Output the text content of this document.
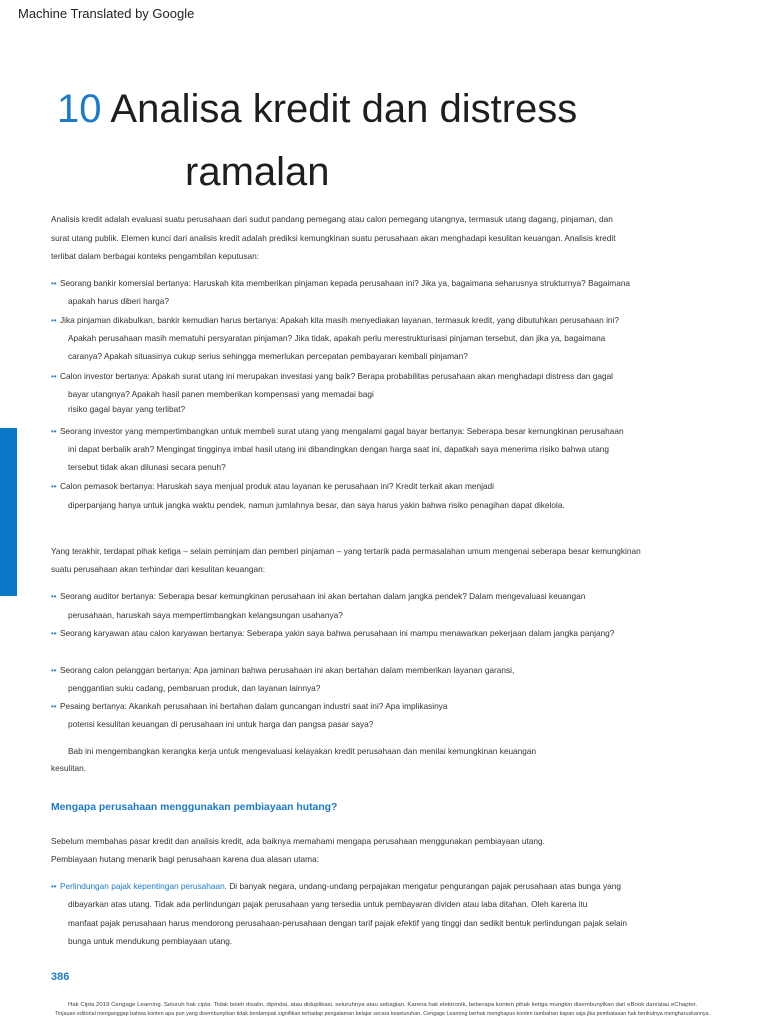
Machine Translated by Google
10 Analisa kredit dan distress
ramalan
Analisis kredit adalah evaluasi suatu perusahaan dari sudut pandang pemegang atau calon pemegang utangnya, termasuk utang dagang, pinjaman, dan
surat utang publik. Elemen kunci dari analisis kredit adalah prediksi kemungkinan suatu perusahaan akan menghadapi kesulitan keuangan. Analisis kredit
terlibat dalam berbagai konteks pengambilan keputusan:
•• Seorang bankir komersial bertanya: Haruskah kita memberikan pinjaman kepada perusahaan ini? Jika ya, bagaimana seharusnya strukturnya? Bagaimana
apakah harus diberi harga?
•• Jika pinjaman dikabulkan, bankir kemudian harus bertanya: Apakah kita masih menyediakan layanan, termasuk kredit, yang dibutuhkan perusahaan ini?
Apakah perusahaan masih mematuhi persyaratan pinjaman? Jika tidak, apakah perlu merestrukturisasi pinjaman tersebut, dan jika ya, bagaimana
caranya? Apakah situasinya cukup serius sehingga memerlukan percepatan pembayaran kembali pinjaman?
•• Calon investor bertanya: Apakah surat utang ini merupakan investasi yang baik? Berapa probabilitas perusahaan akan menghadapi distress dan gagal
bayar utangnya? Apakah hasil panen memberikan kompensasi yang memadai bagi
risiko gagal bayar yang terlibat?
•• Seorang investor yang mempertimbangkan untuk membeli surat utang yang mengalami gagal bayar bertanya: Seberapa besar kemungkinan perusahaan
ini dapat berbalik arah? Mengingat tingginya imbal hasil utang ini dibandingkan dengan harga saat ini, dapatkah saya menerima risiko bahwa utang
tersebut tidak akan dilunasi secara penuh?
•• Calon pemasok bertanya: Haruskah saya menjual produk atau layanan ke perusahaan ini? Kredit terkait akan menjadi
diperpanjang hanya untuk jangka waktu pendek, namun jumlahnya besar, dan saya harus yakin bahwa risiko penagihan dapat dikelola.
Yang terakhir, terdapat pihak ketiga – selain peminjam dan pemberi pinjaman – yang tertarik pada permasalahan umum mengenai seberapa besar kemungkinan
suatu perusahaan akan terhindar dari kesulitan keuangan:
•• Seorang auditor bertanya: Seberapa besar kemungkinan perusahaan ini akan bertahan dalam jangka pendek? Dalam mengevaluasi keuangan
perusahaan, haruskah saya mempertimbangkan kelangsungan usahanya?
•• Seorang karyawan atau calon karyawan bertanya: Seberapa yakin saya bahwa perusahaan ini mampu menawarkan pekerjaan dalam jangka panjang?
•• Seorang calon pelanggan bertanya: Apa jaminan bahwa perusahaan ini akan bertahan dalam memberikan layanan garansi,
penggantian suku cadang, pembaruan produk, dan layanan lainnya?
•• Pesaing bertanya: Akankah perusahaan ini bertahan dalam guncangan industri saat ini? Apa implikasinya
potensi kesulitan keuangan di perusahaan ini untuk harga dan pangsa pasar saya?
Bab ini mengembangkan kerangka kerja untuk mengevaluasi kelayakan kredit perusahaan dan menilai kemungkinan keuangan
kesulitan.
Mengapa perusahaan menggunakan pembiayaan hutang?
Sebelum membahas pasar kredit dan analisis kredit, ada baiknya memahami mengapa perusahaan menggunakan pembiayaan utang.
Pembiayaan hutang menarik bagi perusahaan karena dua alasan utama:
•• Perlindungan pajak kepentingan perusahaan. Di banyak negara, undang-undang perpajakan mengatur pengurangan pajak perusahaan atas bunga yang
dibayarkan atas utang. Tidak ada perlindungan pajak perusahaan yang tersedia untuk pembayaran dividen atau laba ditahan. Oleh karena itu
manfaat pajak perusahaan harus mendorong perusahaan-perusahaan dengan tarif pajak efektif yang tinggi dan sedikit bentuk perlindungan pajak selain
bunga untuk mendukung pembiayaan utang.
386
Hak Cipta 2019 Cengage Learning. Seluruh hak cipta. Tidak boleh disalin, dipindai, atau diduplikasi, seluruhnya atau sebagian. Karena hak elektronik, beberapa konten pihak ketiga mungkin disembunyikan dari eBook dan/atau eChapter.
Tinjauan editorial menganggap bahwa konten apa pun yang disembunyikan tidak berdampak signifikan terhadap pengalaman belajar secara keseluruhan. Cengage Learning berhak menghapus konten tambahan kapan saja jika pembatasan hak berikutnya mengharuskannya.
